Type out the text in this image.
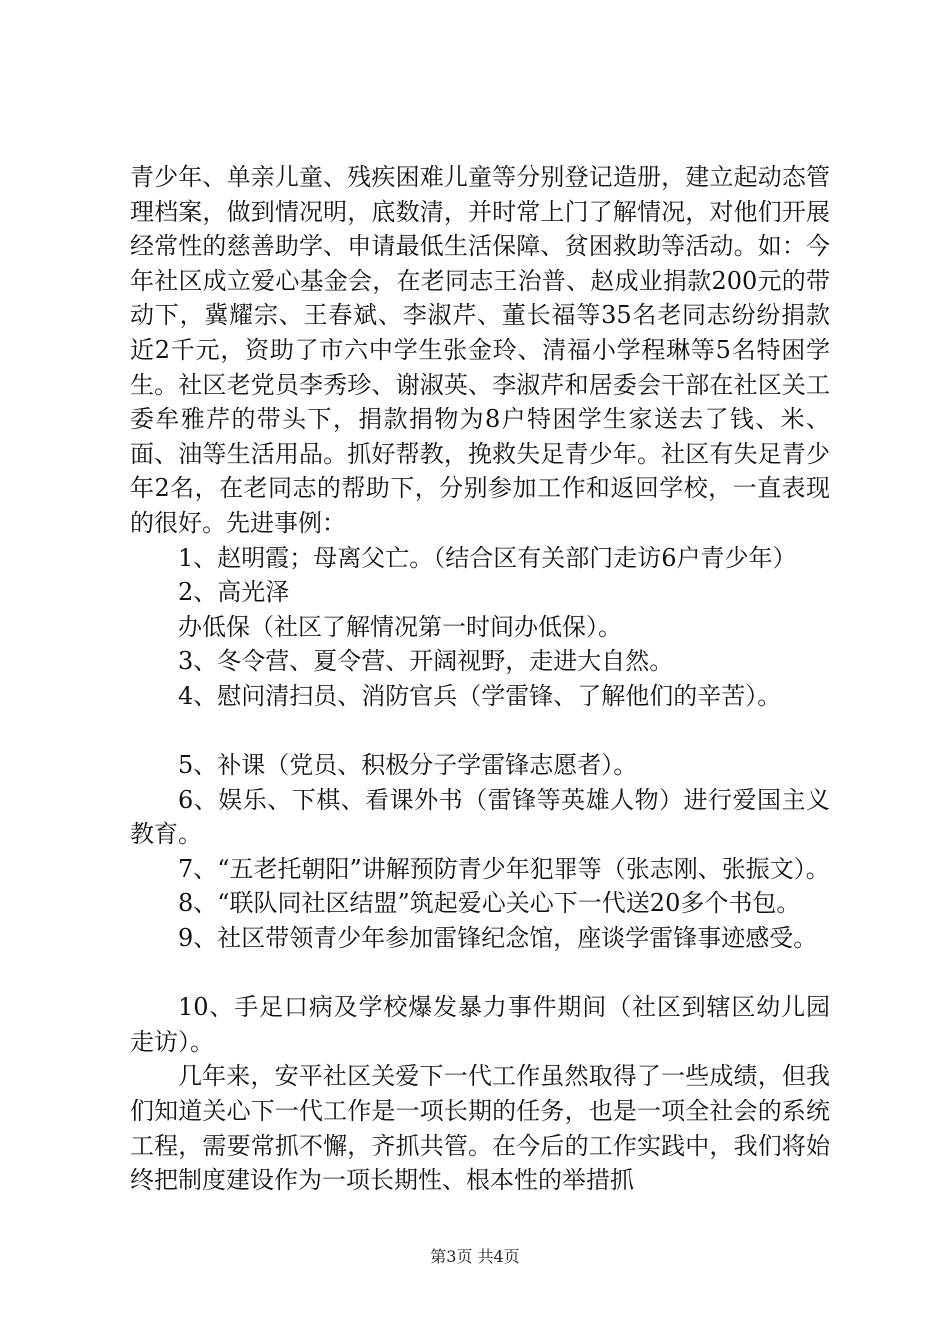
青少年、单亲儿童、残疾困难儿童等分别登记造册，建立起动态管理档案，做到情况明，底数清，并时常上门了解情况，对他们开展经常性的慈善助学、申请最低生活保障、贫困救助等活动。如：今年社区成立爱心基金会，在老同志王治普、赵成业捐款200元的带动下，冀耀宗、王春斌、李淑芹、董长福等35名老同志纷纷捐款近2千元，资助了市六中学生张金玲、清福小学程琳等5名特困学生。社区老党员李秀珍、谢淑英、李淑芹和居委会干部在社区关工委牟雅芹的带头下，捐款捐物为8户特困学生家送去了钱、米、面、油等生活用品。抓好帮教，挽救失足青少年。社区有失足青少年2名，在老同志的帮助下，分别参加工作和返回学校，一直表现的很好。先进事例：

1、赵明霞；母离父亡。（结合区有关部门走访6户青少年）

2、高光泽

办低保（社区了解情况第一时间办低保）。

3、冬令营、夏令营、开阔视野，走进大自然。

4、慰问清扫员、消防官兵（学雷锋、了解他们的辛苦）。

5、补课（党员、积极分子学雷锋志愿者）。

6、娱乐、下棋、看课外书（雷锋等英雄人物）进行爱国主义教育。

7、“五老托朝阳”讲解预防青少年犯罪等（张志刚、张振文）。

8、“联队同社区结盟”筑起爱心关心下一代送20多个书包。

9、社区带领青少年参加雷锋纪念馆，座谈学雷锋事迹感受。

10、手足口病及学校爆发暴力事件期间（社区到辖区幼儿园走访）。

几年来，安平社区关爱下一代工作虽然取得了一些成绩，但我们知道关心下一代工作是一项长期的任务，也是一项全社会的系统工程，需要常抓不懈，齐抓共管。在今后的工作实践中，我们将始终把制度建设作为一项长期性、根本性的举措抓

第3页 共4页
